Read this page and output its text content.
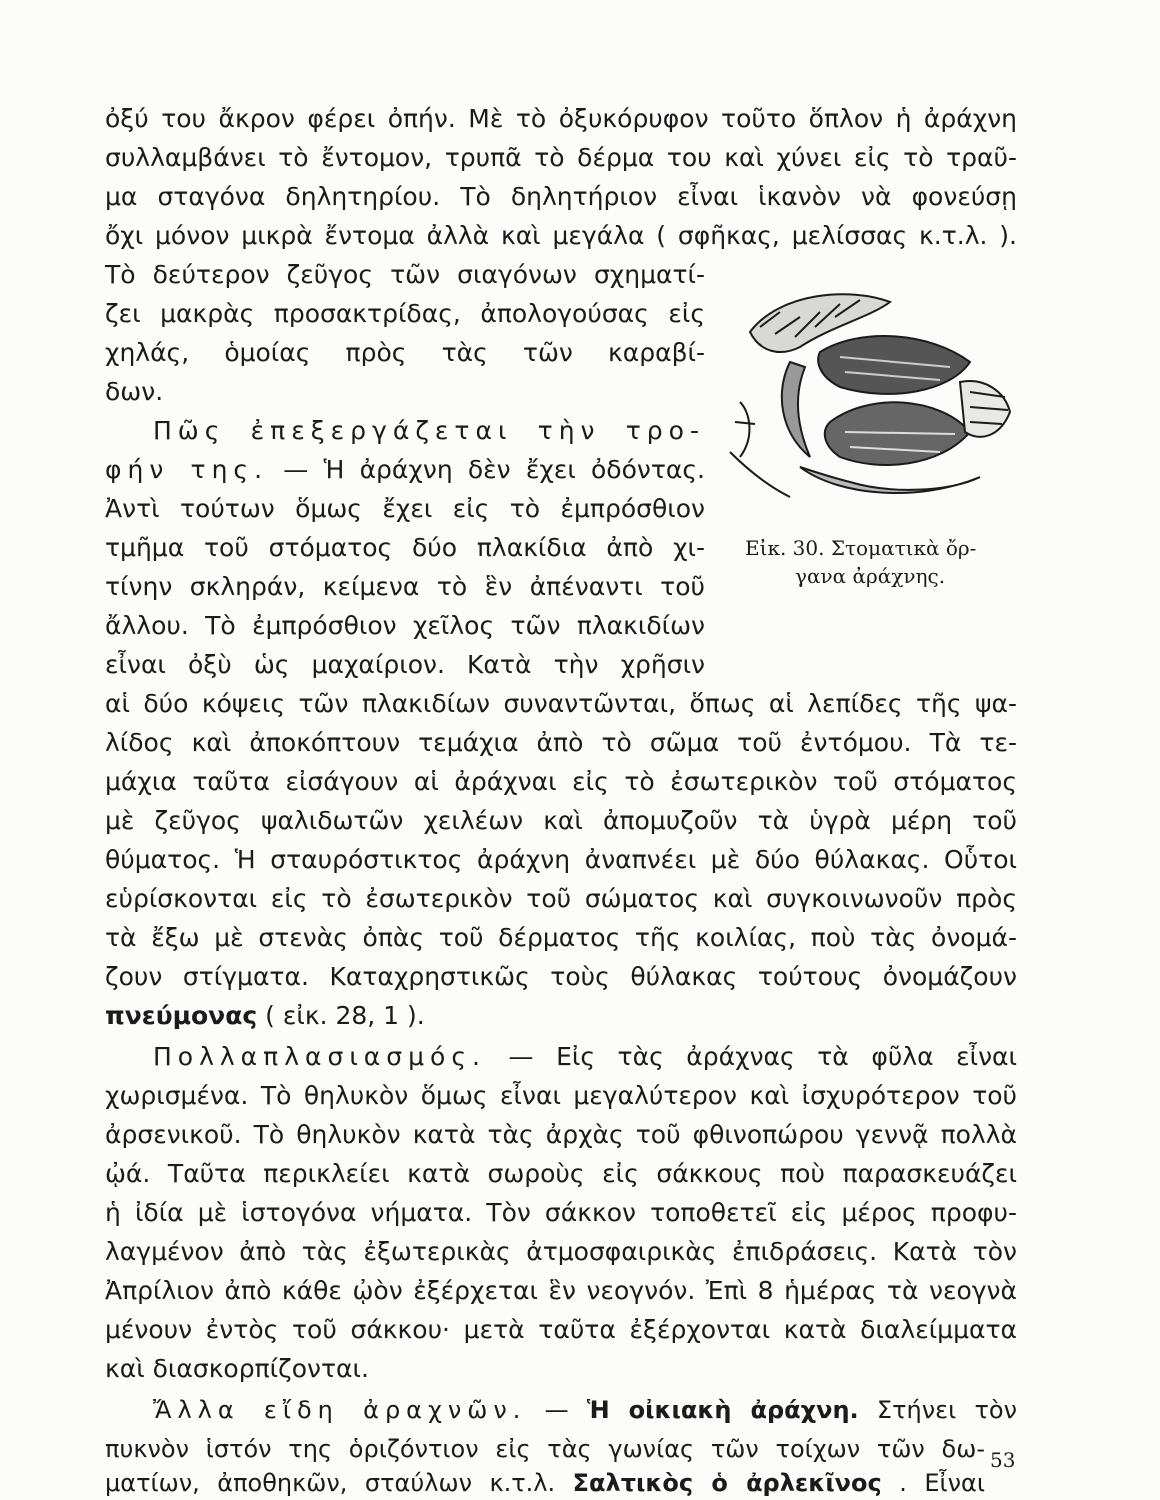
ὀξύ του ἄκρον φέρει ὀπήν. Μὲ τὸ ὀξυκόρυφον τοῦτο ὅπλον ἡ ἀράχνη
συλλαμβάνει τὸ ἔντομον, τρυπᾶ τὸ δέρμα του καὶ χύνει εἰς τὸ τραῦ-
μα σταγόνα δηλητηρίου. Τὸ δηλητήριον εἶναι ἱκανὸν νὰ φονεύσῃ
ὄχι μόνον μικρὰ ἔντομα ἀλλὰ καὶ μεγάλα ( σφῆκας, μελίσσας κ.τ.λ. ).
Τὸ δεύτερον ζεῦγος τῶν σιαγόνων σχηματί-
ζει μακρὰς προσακτρίδας, ἀπολογούσας εἰς
χηλάς, ὁμοίας πρὸς τὰς τῶν καραβί-
δων.
Πῶς ἐπεξεργάζεται τὴν τρο-
φήν της. — Ἡ ἀράχνη δὲν ἔχει ὀδόντας.
Ἀντὶ τούτων ὅμως ἔχει εἰς τὸ ἐμπρόσθιον
τμῆμα τοῦ στόματος δύο πλακίδια ἀπὸ χι-
τίνην σκληράν, κείμενα τὸ ἓν ἀπέναντι τοῦ
ἄλλου. Τὸ ἐμπρόσθιον χεῖλος τῶν πλακιδίων
εἶναι ὀξὺ ὡς μαχαίριον. Κατὰ τὴν χρῆσιν
Εἰκ. 30. Στοματικὰ ὄρ-
γανα ἀράχνης.
αἱ δύο κόψεις τῶν πλακιδίων συναντῶνται, ὅπως αἱ λεπίδες τῆς ψα-
λίδος καὶ ἀποκόπτουν τεμάχια ἀπὸ τὸ σῶμα τοῦ ἐντόμου. Τὰ τε-
μάχια ταῦτα εἰσάγουν αἱ ἀράχναι εἰς τὸ ἐσωτερικὸν τοῦ στόματος
μὲ ζεῦγος ψαλιδωτῶν χειλέων καὶ ἀπομυζοῦν τὰ ὑγρὰ μέρη τοῦ
θύματος. Ἡ σταυρόστικτος ἀράχνη ἀναπνέει μὲ δύο θύλακας. Οὗτοι
εὑρίσκονται εἰς τὸ ἐσωτερικὸν τοῦ σώματος καὶ συγκοινωνοῦν πρὸς
τὰ ἔξω μὲ στενὰς ὀπὰς τοῦ δέρματος τῆς κοιλίας, ποὺ τὰς ὀνομά-
ζουν στίγματα. Καταχρηστικῶς τοὺς θύλακας τούτους ὀνομάζουν
πνεύμονας ( εἰκ. 28, 1 ).
Πολλαπλασιασμός. — Εἰς τὰς ἀράχνας τὰ φῦλα εἶναι
χωρισμένα. Τὸ θηλυκὸν ὅμως εἶναι μεγαλύτερον καὶ ἰσχυρότερον τοῦ
ἀρσενικοῦ. Τὸ θηλυκὸν κατὰ τὰς ἀρχὰς τοῦ φθινοπώρου γεννᾷ πολλὰ
ᾠά. Ταῦτα περικλείει κατὰ σωροὺς εἰς σάκκους ποὺ παρασκευάζει
ἡ ἰδία μὲ ἱστογόνα νήματα. Τὸν σάκκον τοποθετεῖ εἰς μέρος προφυ-
λαγμένον ἀπὸ τὰς ἐξωτερικὰς ἀτμοσφαιρικὰς ἐπιδράσεις. Κατὰ τὸν
Ἀπρίλιον ἀπὸ κάθε ᾠὸν ἐξέρχεται ἓν νεογνόν. Ἐπὶ 8 ἡμέρας τὰ νεογνὰ
μένουν ἐντὸς τοῦ σάκκου· μετὰ ταῦτα ἐξέρχονται κατὰ διαλείμματα
καὶ διασκορπίζονται.
Ἄλλα εἴδη ἀραχνῶν. — Ἡ οἰκιακὴ ἀράχνη. Στήνει τὸν
πυκνὸν ἱστόν της ὁριζόντιον εἰς τὰς γωνίας τῶν τοίχων τῶν δω-
ματίων, ἀποθηκῶν, σταύλων κ.τ.λ. Σαλτικὸς ὁ ἀρλεκῖνος . Εἶναι
53
